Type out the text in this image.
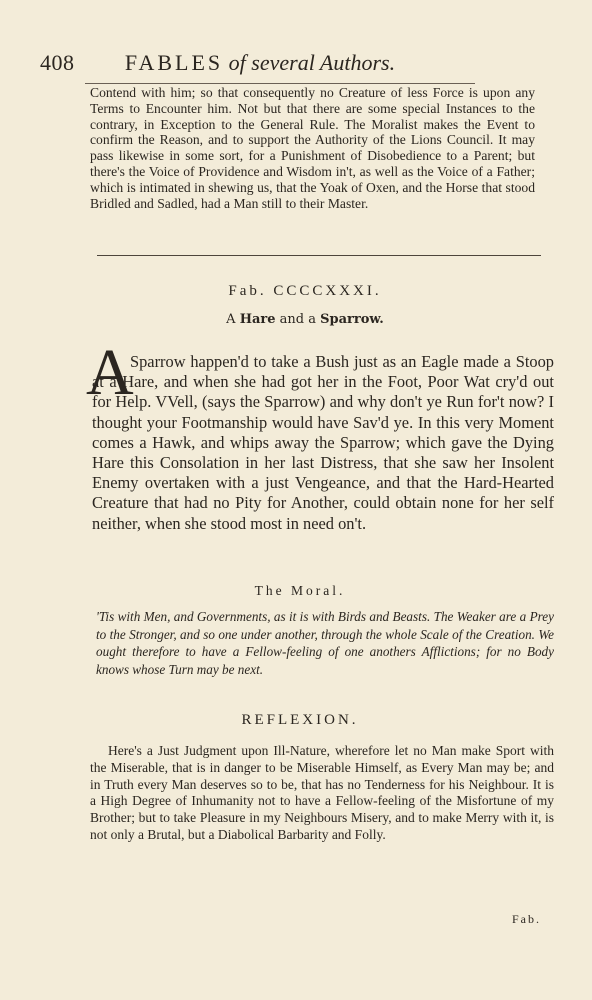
408	FABLES of several Authors.

Contend with him; so that consequently no Creature of less Force is upon any Terms to Encounter him. Not but that there are some special Instances to the contrary, in Exception to the General Rule. The Moralist makes the Event to confirm the Reason, and to support the Authority of the Lions Council. It may pass likewise in some sort, for a Punishment of Disobedience to a Parent; but there's the Voice of Providence and Wisdom in't, as well as the Voice of a Father; which is intimated in shewing us, that the Yoak of Oxen, and the Horse that stood Bridled and Sadled, had a Man still to their Master.

Fab. CCCCXXXI.
A Hare and a Sparrow.
A

Sparrow happen'd to take a Bush just as an Eagle made a Stoop at a Hare, and when she had got her in the Foot, Poor Wat cry'd out for Help. VVell, (says the Sparrow) and why don't ye Run for't now? I thought your Footmanship would have Sav'd ye. In this very Moment comes a Hawk, and whips away the Sparrow; which gave the Dying Hare this Consolation in her last Distress, that she saw her Insolent Enemy overtaken with a just Vengeance, and that the Hard-Hearted Creature that had no Pity for Another, could obtain none for her self neither, when she stood most in need on't.

The Moral.

'Tis with Men, and Governments, as it is with Birds and Beasts. The Weaker are a Prey to the Stronger, and so one under another, through the whole Scale of the Creation. We ought therefore to have a Fellow-feeling of one anothers Afflictions; for no Body knows whose Turn may be next.

REFLEXION.

Here's a Just Judgment upon Ill-Nature, wherefore let no Man make Sport with the Miserable, that is in danger to be Miserable Himself, as Every Man may be; and in Truth every Man deserves so to be, that has no Tenderness for his Neighbour. It is a High Degree of Inhumanity not to have a Fellow-feeling of the Misfortune of my Brother; but to take Pleasure in my Neighbours Misery, and to make Merry with it, is not only a Brutal, but a Diabolical Barbarity and Folly.

Fab.
